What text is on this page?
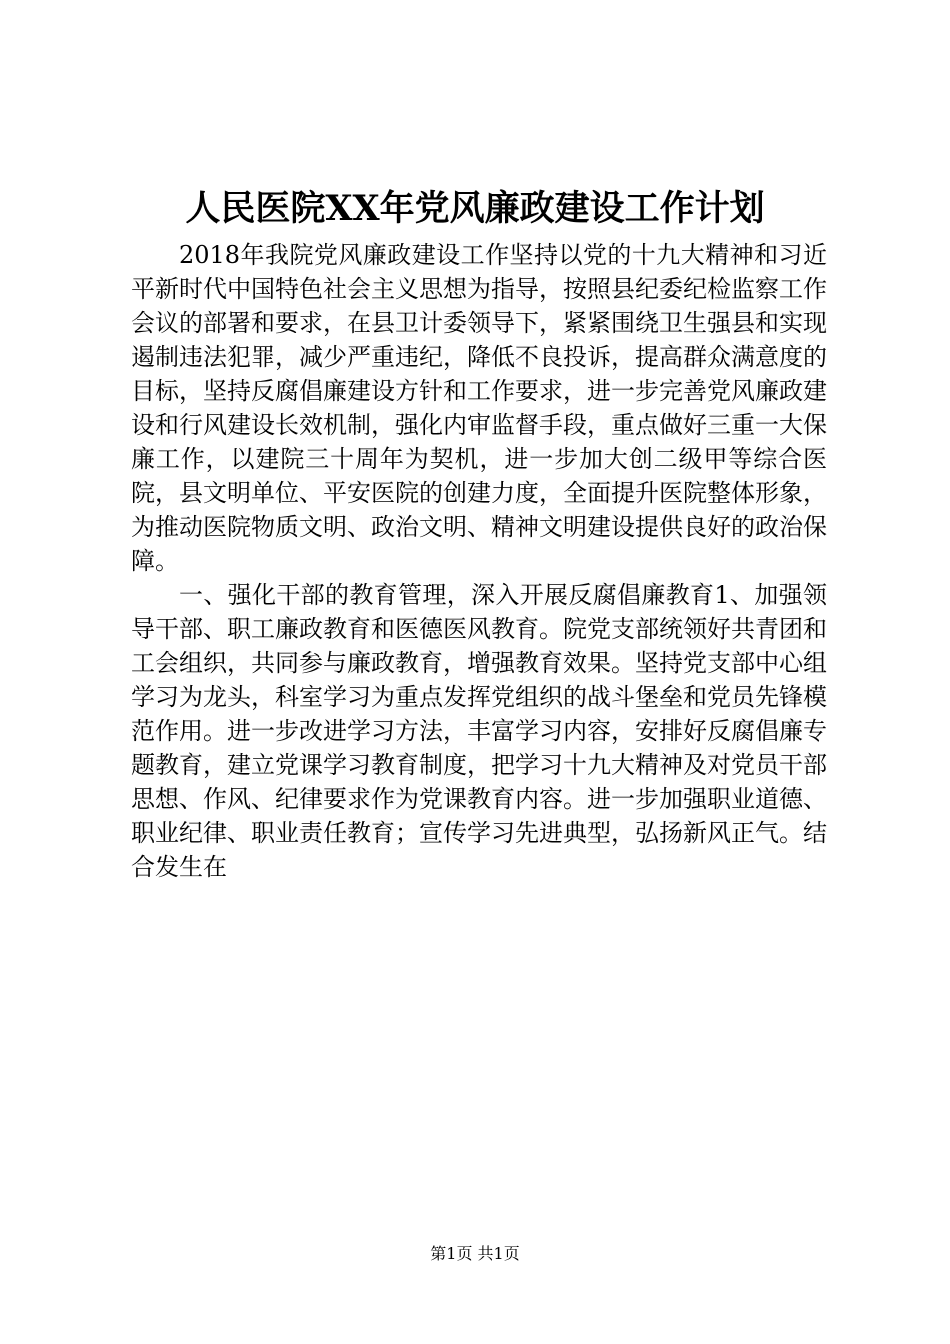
人民医院XX年党风廉政建设工作计划

2018年我院党风廉政建设工作坚持以党的十九大精神和习近平新时代中国特色社会主义思想为指导，按照县纪委纪检监察工作会议的部署和要求，在县卫计委领导下，紧紧围绕卫生强县和实现遏制违法犯罪，减少严重违纪，降低不良投诉，提高群众满意度的目标，坚持反腐倡廉建设方针和工作要求，进一步完善党风廉政建设和行风建设长效机制，强化内审监督手段，重点做好三重一大保廉工作，以建院三十周年为契机，进一步加大创二级甲等综合医院，县文明单位、平安医院的创建力度，全面提升医院整体形象，为推动医院物质文明、政治文明、精神文明建设提供良好的政治保障。

一、强化干部的教育管理，深入开展反腐倡廉教育1、加强领导干部、职工廉政教育和医德医风教育。院党支部统领好共青团和工会组织，共同参与廉政教育，增强教育效果。坚持党支部中心组学习为龙头，科室学习为重点发挥党组织的战斗堡垒和党员先锋模范作用。进一步改进学习方法，丰富学习内容，安排好反腐倡廉专题教育，建立党课学习教育制度，把学习十九大精神及对党员干部思想、作风、纪律要求作为党课教育内容。进一步加强职业道德、职业纪律、职业责任教育；宣传学习先进典型，弘扬新风正气。结合发生在

第1页 共1页
